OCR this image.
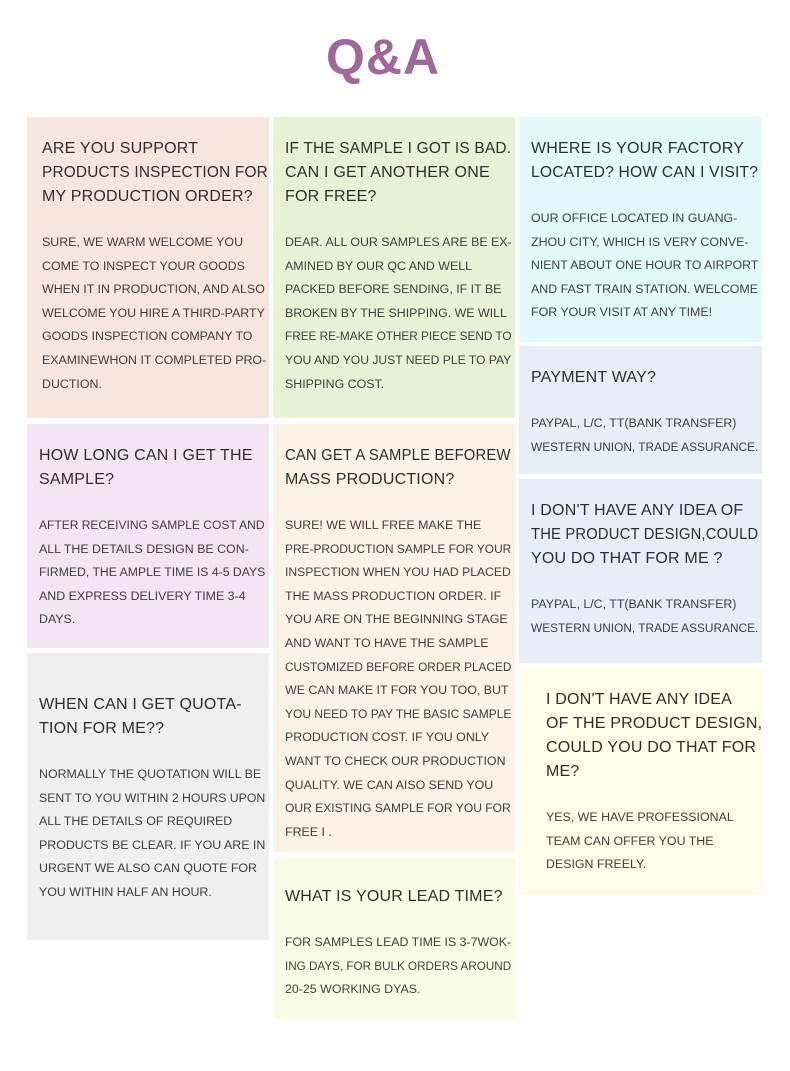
Q&A
ARE YOU SUPPORT
PRODUCTS INSPECTION FOR
MY PRODUCTION ORDER?
SURE, WE WARM WELCOME YOU
COME TO INSPECT YOUR GOODS
WHEN IT IN PRODUCTION, AND ALSO
WELCOME YOU HIRE A THIRD-PARTY
GOODS INSPECTION COMPANY TO
EXAMINEWHON IT COMPLETED PRO-
DUCTION.
IF THE SAMPLE I GOT IS BAD.
CAN I GET ANOTHER ONE
FOR FREE?
DEAR. ALL OUR SAMPLES ARE BE EX-
AMINED BY OUR QC AND WELL
PACKED BEFORE SENDING, IF IT BE
BROKEN BY THE SHIPPING. WE WILL
FREE RE-MAKE OTHER PIECE SEND TO
YOU AND YOU JUST NEED PLE TO PAY
SHIPPING COST.
WHERE IS YOUR FACTORY
LOCATED? HOW CAN I VISIT?
OUR OFFICE LOCATED IN GUANG-
ZHOU CITY, WHICH IS VERY CONVE-
NIENT ABOUT ONE HOUR TO AIRPORT
AND FAST TRAIN STATION. WELCOME
FOR YOUR VISIT AT ANY TIME!
PAYMENT WAY?
PAYPAL, L/C, TT(BANK TRANSFER)
WESTERN UNION, TRADE ASSURANCE.
HOW LONG CAN I GET THE
SAMPLE?
AFTER RECEIVING SAMPLE COST AND
ALL THE DETAILS DESIGN BE CON-
FIRMED, THE AMPLE TIME IS 4-5 DAYS
AND EXPRESS DELIVERY TIME 3-4
DAYS.
CAN GET A SAMPLE BEFOREW
MASS PRODUCTION?
SURE! WE WILL FREE MAKE THE
PRE-PRODUCTION SAMPLE FOR YOUR
INSPECTION WHEN YOU HAD PLACED
THE MASS PRODUCTION ORDER. IF
YOU ARE ON THE BEGINNING STAGE
AND WANT TO HAVE THE SAMPLE
CUSTOMIZED BEFORE ORDER PLACED
WE CAN MAKE IT FOR YOU TOO, BUT
YOU NEED TO PAY THE BASIC SAMPLE
PRODUCTION COST. IF YOU ONLY
WANT TO CHECK OUR PRODUCTION
QUALITY. WE CAN AISO SEND YOU
OUR EXISTING SAMPLE FOR YOU FOR
FREE I .
I DON'T HAVE ANY IDEA OF
THE PRODUCT DESIGN,COULD
YOU DO THAT FOR ME ?
PAYPAL, L/C, TT(BANK TRANSFER)
WESTERN UNION, TRADE ASSURANCE.
WHEN CAN I GET QUOTA-
TION FOR ME??
NORMALLY THE QUOTATION WILL BE
SENT TO YOU WITHIN 2 HOURS UPON
ALL THE DETAILS OF REQUIRED
PRODUCTS BE CLEAR. IF YOU ARE IN
URGENT WE ALSO CAN QUOTE FOR
YOU WITHIN HALF AN HOUR.
I DON'T HAVE ANY IDEA
OF THE PRODUCT DESIGN,
COULD YOU DO THAT FOR
ME?
YES, WE HAVE PROFESSIONAL
TEAM CAN OFFER YOU THE
DESIGN FREELY.
WHAT IS YOUR LEAD TIME?
FOR SAMPLES LEAD TIME IS 3-7WOK-
ING DAYS, FOR BULK ORDERS AROUND
20-25 WORKING DYAS.
